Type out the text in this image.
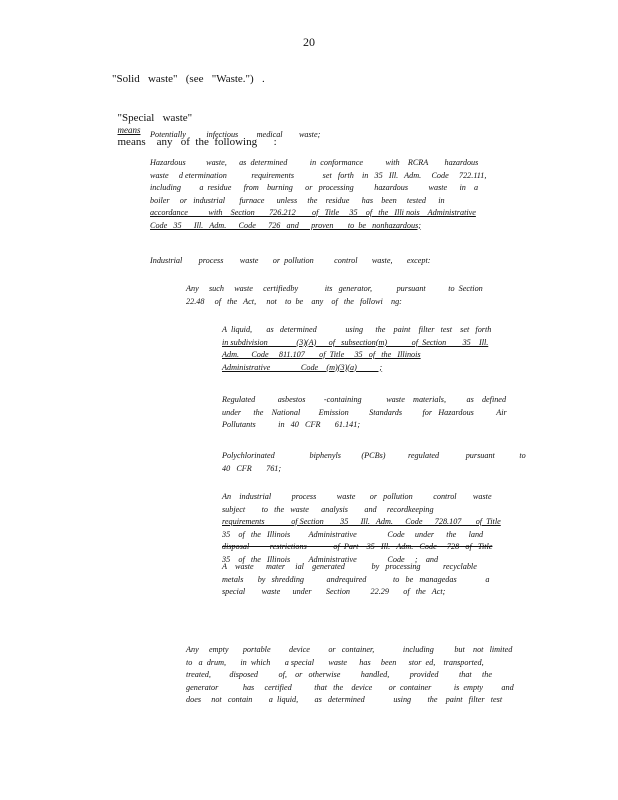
20
"Solid   waste"   (see   "Waste.")   .

"Special   waste"
means
means    any   of  the  following      :

Potentially          infectious         medical        waste;
Hazardous          waste,      as  determined           in  conformance           with    RCRA        hazardous
waste     d etermination            requirements              set   forth    in   35   Ill.   Adm.     Code     722.111,
including         a  residue      from    burning      or   processing          hazardous          waste      in    a
boiler     or   industrial       furnace      unless     the    residue      has    been     tested      in
accordance          with    Section       726.212        of   Title     35    of   the   Illi nois    Administrative
Code   35      Ill.   Adm.      Code      726   and      proven       to  be   nonhazardous;
Industrial        process        waste       or  pollution          control       waste,       except:
Any     such     waste     certifiedby             its   generator,            pursuant           to  Section
22.48     of   the   Act,     not    to  be    any    of   the   followi    ng:
A  liquid,       as   determined              using      the    paint    filter   test    set   forth
in subdivision              (3)(A)      of   subsection(m)            of  Section        35    Ill.
Adm.      Code     811.107       of  Title     35   of   the   Illinois
Administrative               Code    (m)(3)(a)           ;
Regulated           asbestos         -containing            waste    materials,          as    defined
under      the    National         Emission          Standards          for   Hazardous           Air
Pollutants           in   40   CFR       61.141;
Polychlorinated                 biphenyls          (PCBs)           regulated             pursuant            to
40   CFR       761;
An    industrial          process          waste       or   pollution          control        waste
subject        to   the   waste      analysis        and     recordkeeping
requirements             of Section        35      Ill.   Adm.      Code      728.107       of  Title
35    of   the   Illinois         Administrative               Code     under      the      land
disposal          restrictions             of  Part    35   Ill.   Adm.   Code     728   of   Title
35    of   the   Illinois         Administrative               Code     ;    and
A    waste      mater     ial    generated             by   processing           recyclable
metals       by   shredding           andrequired             to   be   managedas              a
special        waste      under       Section          22.29       of   the   Act;
Any     empty       portable         device         or   container,              including          but    not   limited
to   a  drum,       in  which       a special       waste      has     been      stor  ed,    transported,
treated,         disposed          of,    or   otherwise          handled,          provided          that     the
generator            has     certified           that   the    device        or  container           is  empty         and
does     not   contain        a  liquid,        as   determined              using        the    paint   filter   test
